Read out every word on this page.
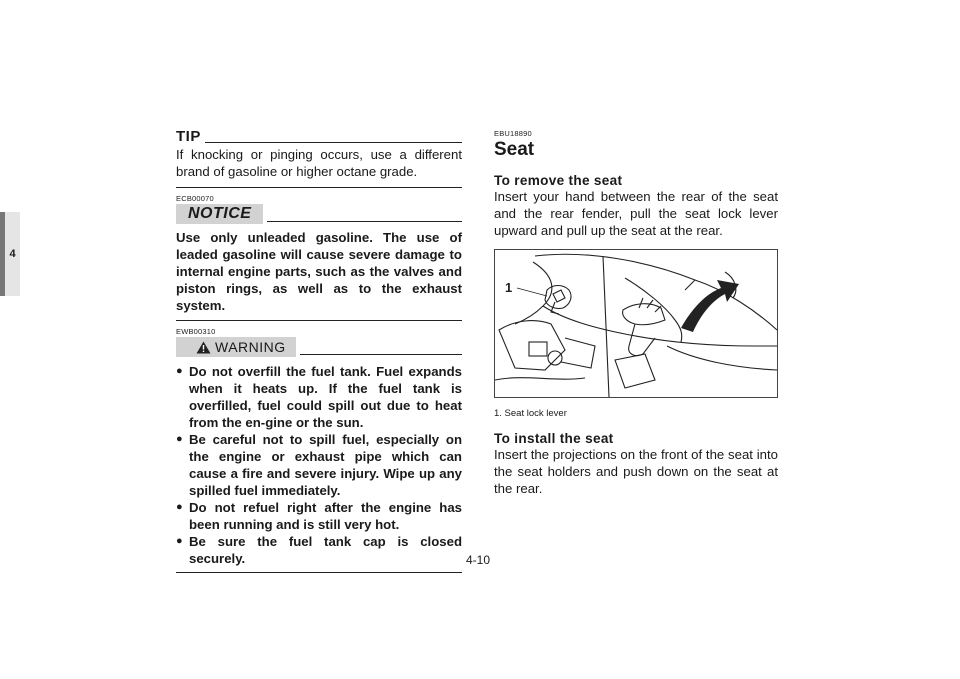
4
TIP
If knocking or pinging occurs, use a different brand of gasoline or higher octane grade.
ECB00070
NOTICE
Use only unleaded gasoline. The use of leaded gasoline will cause severe damage to internal engine parts, such as the valves and piston rings, as well as to the exhaust system.
EWB00310
WARNING
● Do not overfill the fuel tank. Fuel expands when it heats up. If the fuel tank is overfilled, fuel could spill out due to heat from the en-gine or the sun.
● Be careful not to spill fuel, especially on the engine or exhaust pipe which can cause a fire and severe injury. Wipe up any spilled fuel immediately.
● Do not refuel right after the engine has been running and is still very hot.
● Be sure the fuel tank cap is closed securely.
EBU18890
Seat
To remove the seat
Insert your hand between the rear of the seat and the rear fender, pull the seat lock lever upward and pull up the seat at the rear.
1
1. Seat lock lever
To install the seat
Insert the projections on the front of the seat into the seat holders and push down on the seat at the rear.
4-10
